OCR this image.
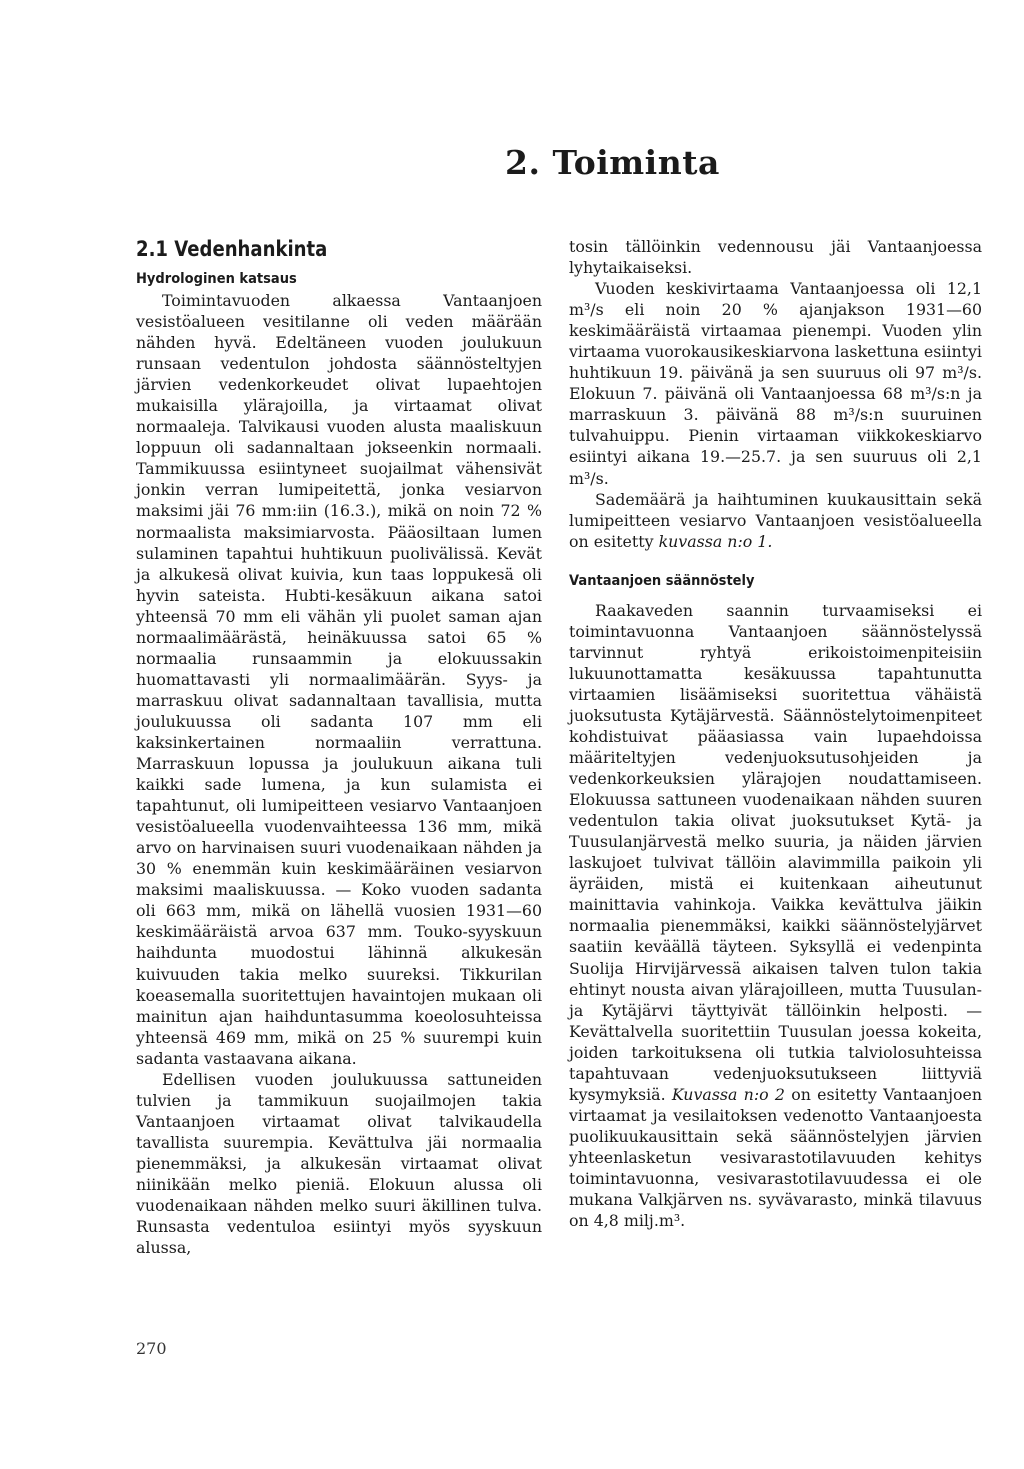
2. Toiminta
2.1 Vedenhankinta
Hydrologinen katsaus

Toimintavuoden alkaessa Vantaanjoen vesistöalueen vesitilanne oli veden määrään nähden hyvä. Edeltäneen vuoden joulukuun runsaan vedentulon johdosta säännösteltyjen järvien vedenkorkeudet olivat lupaehtojen mukaisilla ylärajoilla, ja virtaamat olivat normaaleja. Talvikausi vuoden alusta maaliskuun loppuun oli sadannaltaan jokseenkin normaali. Tammikuussa esiintyneet suojailmat vähensivät jonkin verran lumipeitettä, jonka vesiarvon maksimi jäi 76 mm:iin (16.3.), mikä on noin 72 % normaalista maksimiarvosta. Pääosiltaan lumen sulaminen tapahtui huhtikuun puolivälissä. Kevät ja alkukesä olivat kuivia, kun taas loppukesä oli hyvin sateista. Hubti-kesäkuun aikana satoi yhteensä 70 mm eli vähän yli puolet saman ajan normaalimäärästä, heinäkuussa satoi 65 % normaalia runsaammin ja elokuussakin huomattavasti yli normaalimäärän. Syys- ja marraskuu olivat sadannaltaan tavallisia, mutta joulukuussa oli sadanta 107 mm eli kaksinkertainen normaaliin verrattuna. Marraskuun lopussa ja joulukuun aikana tuli kaikki sade lumena, ja kun sulamista ei tapahtunut, oli lumipeitteen vesiarvo Vantaanjoen vesistöalueella vuodenvaihteessa 136 mm, mikä arvo on harvinaisen suuri vuodenaikaan nähden ja 30 % enemmän kuin keskimääräinen vesiarvon maksimi maaliskuussa. — Koko vuoden sadanta oli 663 mm, mikä on lähellä vuosien 1931—60 keskimääräistä arvoa 637 mm. Touko-syyskuun haihdunta muodostui lähinnä alkukesän kuivuuden takia melko suureksi. Tikkurilan koeasemalla suoritettujen havaintojen mukaan oli mainitun ajan haihduntasumma koeolosuhteissa yhteensä 469 mm, mikä on 25 % suurempi kuin sadanta vastaavana aikana.

Edellisen vuoden joulukuussa sattuneiden tulvien ja tammikuun suojailmojen takia Vantaanjoen virtaamat olivat talvikaudella tavallista suurempia. Kevättulva jäi normaalia pienemmäksi, ja alkukesän virtaamat olivat niinikään melko pieniä. Elokuun alussa oli vuodenaikaan nähden melko suuri äkillinen tulva. Runsasta vedentuloa esiintyi myös syyskuun alussa,

tosin tällöinkin vedennousu jäi Vantaanjoessa lyhytaikaiseksi.

Vuoden keskivirtaama Vantaanjoessa oli 12,1 m³/s eli noin 20 % ajanjakson 1931—60 keskimääräistä virtaamaa pienempi. Vuoden ylin virtaama vuorokausikeskiarvona laskettuna esiintyi huhtikuun 19. päivänä ja sen suuruus oli 97 m³/s. Elokuun 7. päivänä oli Vantaanjoessa 68 m³/s:n ja marraskuun 3. päivänä 88 m³/s:n suuruinen tulvahuippu. Pienin virtaaman viikkokeskiarvo esiintyi aikana 19.—25.7. ja sen suuruus oli 2,1 m³/s.

Sademäärä ja haihtuminen kuukausittain sekä lumipeitteen vesiarvo Vantaanjoen vesistöalueella on esitetty kuvassa n:o 1.

Vantaanjoen säännöstely

Raakaveden saannin turvaamiseksi ei toimintavuonna Vantaanjoen säännöstelyssä tarvinnut ryhtyä erikoistoimenpiteisiin lukuunottamatta kesäkuussa tapahtunutta virtaamien lisäämiseksi suoritettua vähäistä juoksutusta Kytäjärvestä. Säännöstelytoimenpiteet kohdistuivat pääasiassa vain lupaehdoissa määriteltyjen vedenjuoksutusohjeiden ja vedenkorkeuksien ylärajojen noudattamiseen. Elokuussa sattuneen vuodenaikaan nähden suuren vedentulon takia olivat juoksutukset Kytä- ja Tuusulanjärvestä melko suuria, ja näiden järvien laskujoet tulvivat tällöin alavimmilla paikoin yli äyräiden, mistä ei kuitenkaan aiheutunut mainittavia vahinkoja. Vaikka kevättulva jäikin normaalia pienemmäksi, kaikki säännöstelyjärvet saatiin keväällä täyteen. Syksyllä ei vedenpinta Suolija Hirvijärvessä aikaisen talven tulon takia ehtinyt nousta aivan ylärajoilleen, mutta Tuusulan- ja Kytäjärvi täyttyivät tällöinkin helposti. — Kevättalvella suoritettiin Tuusulan joessa kokeita, joiden tarkoituksena oli tutkia talviolosuhteissa tapahtuvaan vedenjuoksutukseen liittyviä kysymyksiä. Kuvassa n:o 2 on esitetty Vantaanjoen virtaamat ja vesilaitoksen vedenotto Vantaanjoesta puolikuukausittain sekä säännöstelyjen järvien yhteenlasketun vesivarastotilavuuden kehitys toimintavuonna, vesivarastotilavuudessa ei ole mukana Valkjärven ns. syvävarasto, minkä tilavuus on 4,8 milj.m³.

270
